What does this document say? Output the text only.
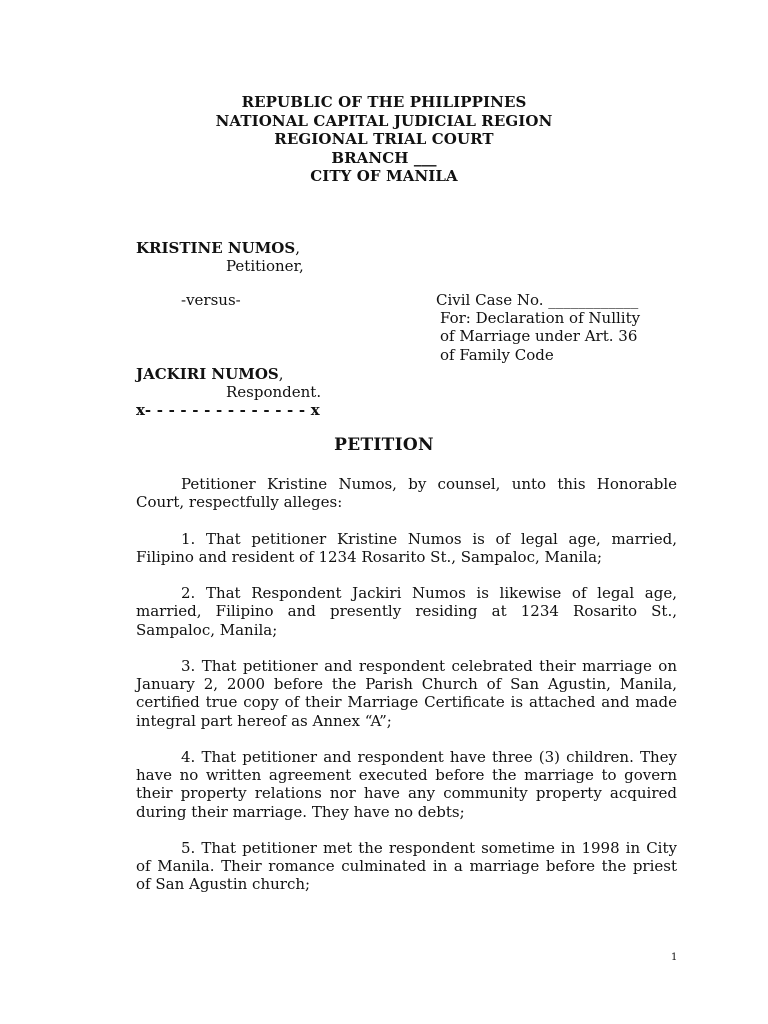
REPUBLIC OF THE PHILIPPINES
NATIONAL CAPITAL JUDICIAL REGION
REGIONAL TRIAL COURT
BRANCH ___
CITY OF MANILA
KRISTINE NUMOS,
Petitioner,
-versus-	Civil Case No. ____________
For: Declaration of Nullity
of Marriage under Art. 36
of Family Code
JACKIRI NUMOS,
Respondent.
x- - - - - - - - - - - - - - x
PETITION

Petitioner Kristine Numos, by counsel, unto this Honorable Court, respectfully alleges:

1. That petitioner Kristine Numos is of legal age, married, Filipino and resident of 1234 Rosarito St., Sampaloc, Manila;

2. That Respondent Jackiri Numos is likewise of legal age, married, Filipino and presently residing at 1234 Rosarito St., Sampaloc, Manila;

3. That petitioner and respondent celebrated their marriage on January 2, 2000 before the Parish Church of San Agustin, Manila, certified true copy of their Marriage Certificate is attached and made integral part hereof as Annex “A”;

4. That petitioner and respondent have three (3) children. They have no written agreement executed before the marriage to govern their property relations nor have any community property acquired during their marriage. They have no debts;

5. That petitioner met the respondent sometime in 1998 in City of Manila. Their romance culminated in a marriage before the priest of San Agustin church;

1
